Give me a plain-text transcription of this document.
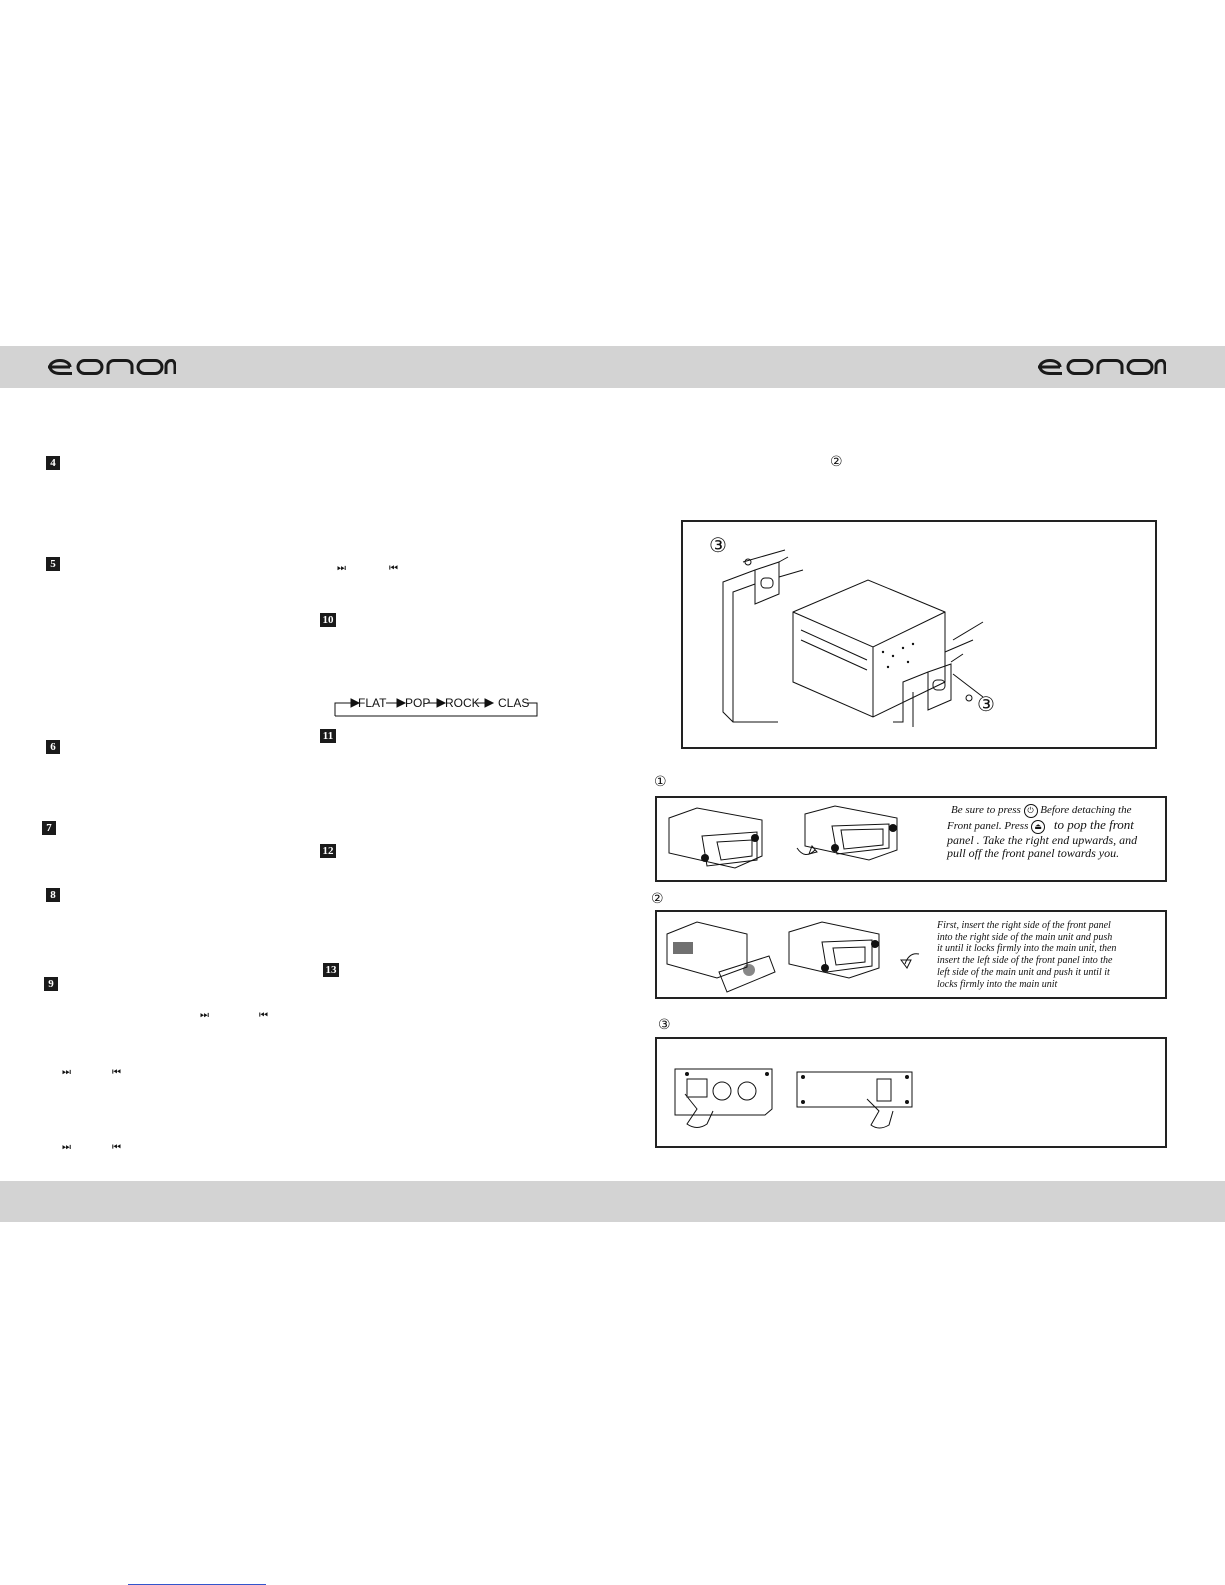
4
5
6
7
8
9
10
11
12
13
⏭	⏮
⏭	⏮
⏭	⏮
⏭	⏮
FLAT POP ROCK CLAS
②
③
③
①
Be sure to press ⏻ Before detaching the
Front panel. Press ⏏ to pop the front
panel . Take the right end upwards, and
pull off the front panel towards you.
②
First, insert the right side of the front panel
into the right side of the main unit and push
it until it locks firmly into the main unit, then
insert the left side of the front panel into the
left side of the main unit and push it until it
locks firmly into the main unit
③
